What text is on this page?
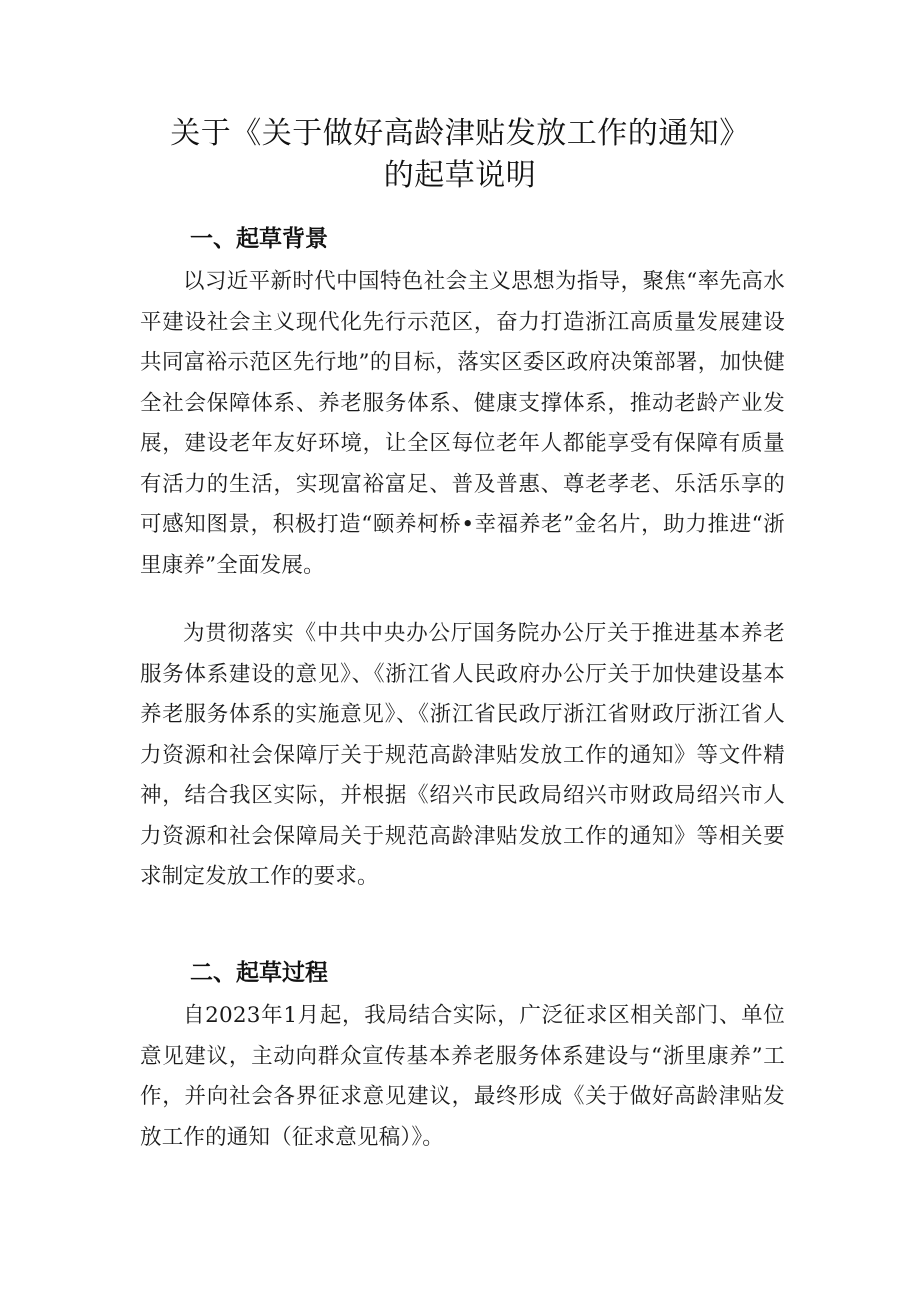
关于《关于做好高龄津贴发放工作的通知》
的起草说明
一、起草背景
以习近平新时代中国特色社会主义思想为指导，聚焦“率先高水平建设社会主义现代化先行示范区，奋力打造浙江高质量发展建设共同富裕示范区先行地”的目标，落实区委区政府决策部署，加快健全社会保障体系、养老服务体系、健康支撑体系，推动老龄产业发展，建设老年友好环境，让全区每位老年人都能享受有保障有质量有活力的生活，实现富裕富足、普及普惠、尊老孝老、乐活乐享的可感知图景，积极打造“颐养柯桥•幸福养老”金名片，助力推进“浙里康养”全面发展。
为贯彻落实《中共中央办公厅国务院办公厅关于推进基本养老服务体系建设的意见》、《浙江省人民政府办公厅关于加快建设基本养老服务体系的实施意见》、《浙江省民政厅浙江省财政厅浙江省人力资源和社会保障厅关于规范高龄津贴发放工作的通知》等文件精神，结合我区实际，并根据《绍兴市民政局绍兴市财政局绍兴市人力资源和社会保障局关于规范高龄津贴发放工作的通知》等相关要求制定发放工作的要求。
二、起草过程
自2023年1月起，我局结合实际，广泛征求区相关部门、单位意见建议，主动向群众宣传基本养老服务体系建设与“浙里康养”工作，并向社会各界征求意见建议，最终形成《关于做好高龄津贴发放工作的通知（征求意见稿）》。
